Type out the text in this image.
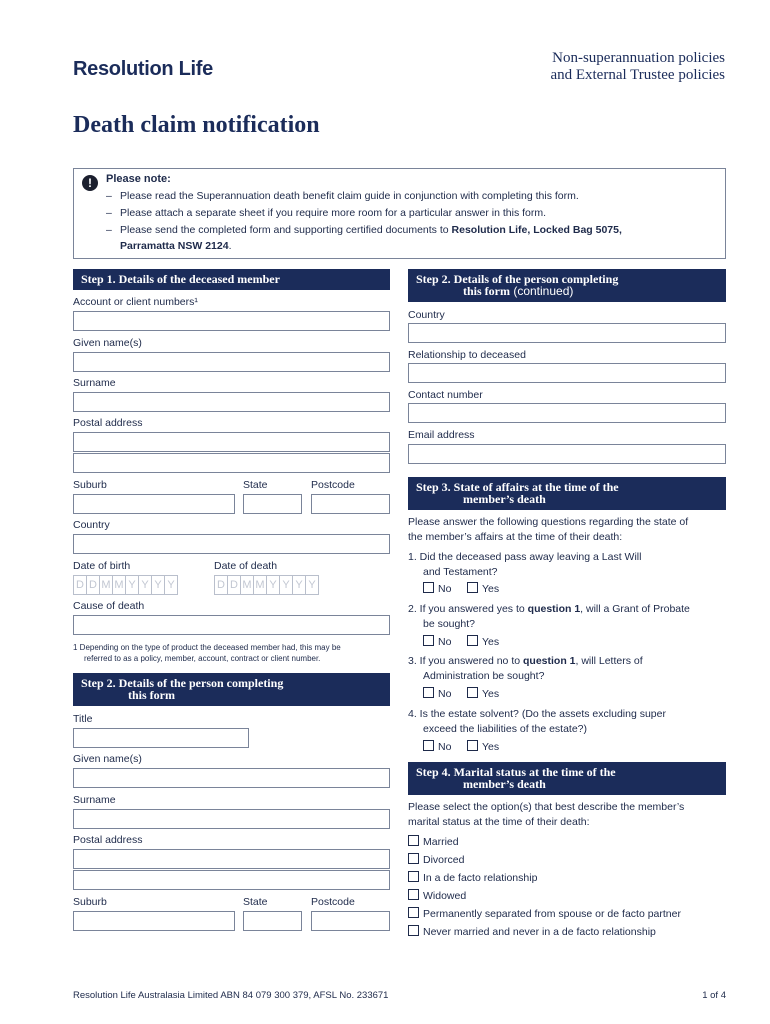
Resolution Life	Non-superannuation policies
and External Trustee policies
Death claim notification
!	Please note:
– Please read the Superannuation death benefit claim guide in conjunction with completing this form.
– Please attach a separate sheet if you require more room for a particular answer in this form.
– Please send the completed form and supporting certified documents to Resolution Life, Locked Bag 5075,
Parramatta NSW 2124.
Step 1. Details of the deceased member
Account or client numbers¹
Given name(s)
Surname
Postal address
Suburb	State	Postcode
Country
Date of birth	Date of death
D D M M Y Y Y Y	D D M M Y Y Y Y
Cause of death
1 Depending on the type of product the deceased member had, this may be
referred to as a policy, member, account, contract or client number.
Step 2. Details of the person completing
this form
Title
Given name(s)
Surname
Postal address
Suburb	State	Postcode
Step 2. Details of the person completing
this form (continued)
Country
Relationship to deceased
Contact number
Email address
Step 3. State of affairs at the time of the
member’s death
Please answer the following questions regarding the state of
the member’s affairs at the time of their death:
1. Did the deceased pass away leaving a Last Will
and Testament?
No	Yes
2. If you answered yes to question 1, will a Grant of Probate
be sought?
No	Yes
3. If you answered no to question 1, will Letters of
Administration be sought?
No	Yes
4. Is the estate solvent? (Do the assets excluding super
exceed the liabilities of the estate?)
No	Yes
Step 4. Marital status at the time of the
member’s death
Please select the option(s) that best describe the member’s
marital status at the time of their death:
Married
Divorced
In a de facto relationship
Widowed
Permanently separated from spouse or de facto partner
Never married and never in a de facto relationship
Resolution Life Australasia Limited ABN 84 079 300 379, AFSL No. 233671	1 of 4
